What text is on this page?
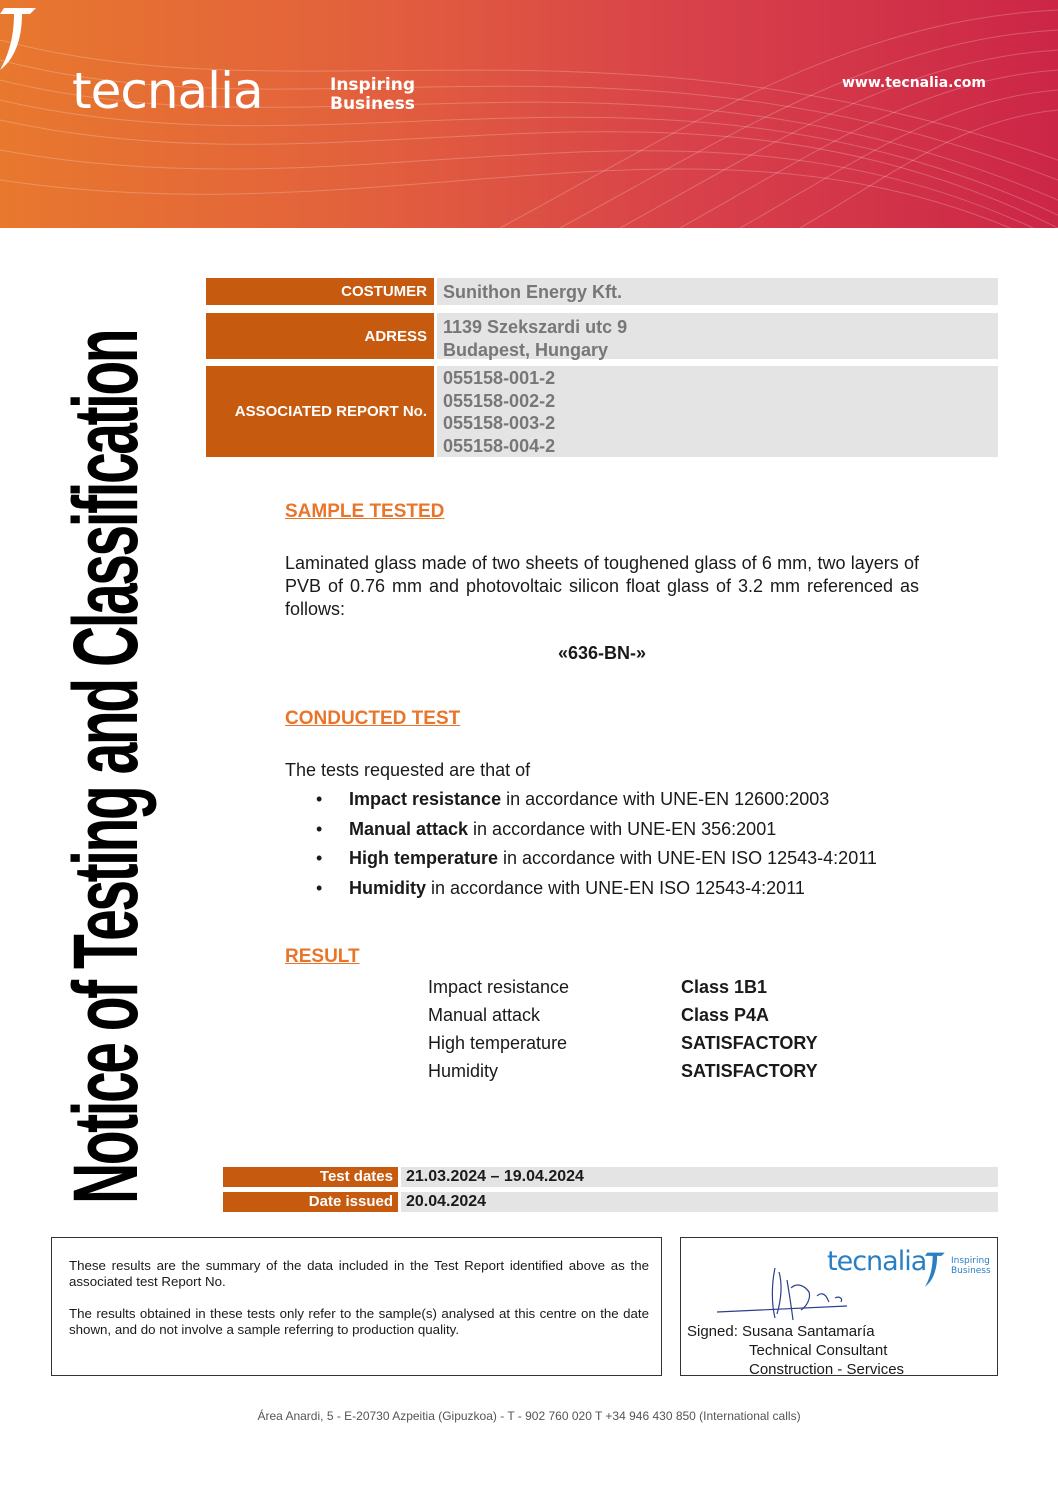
tecnalia	Inspiring
Business
www.tecnalia.com
Notice of Testing and Classification
COSTUMER Sunithon Energy Kft.
ADRESS 1139 Szekszardi utc 9
Budapest, Hungary
ASSOCIATED REPORT No.
055158-001-2
055158-002-2
055158-003-2
055158-004-2
SAMPLE TESTED
Laminated glass made of two sheets of toughened glass of 6 mm, two layers of PVB of 0.76 mm and photovoltaic silicon float glass of 3.2 mm referenced as follows:
«636-BN-»
CONDUCTED TEST
The tests requested are that of
•	Impact resistance in accordance with UNE-EN 12600:2003
•	Manual attack in accordance with UNE-EN 356:2001
•	High temperature in accordance with UNE-EN ISO 12543-4:2011
•	Humidity in accordance with UNE-EN ISO 12543-4:2011
RESULT
Impact resistance	Class 1B1
Manual attack	Class P4A
High temperature	SATISFACTORY
Humidity	SATISFACTORY
Test dates 21.03.2024 – 19.04.2024
Date issued 20.04.2024

These results are the summary of the data included in the Test Report identified above as the associated test Report No.

The results obtained in these tests only refer to the sample(s) analysed at this centre on the date shown, and do not involve a sample referring to production quality.

tecnalia	Inspiring
Business
Signed: Susana Santamaría
Technical Consultant
Construction - Services
Área Anardi, 5 - E-20730 Azpeitia (Gipuzkoa) - T - 902 760 020 T +34 946 430 850 (International calls)
